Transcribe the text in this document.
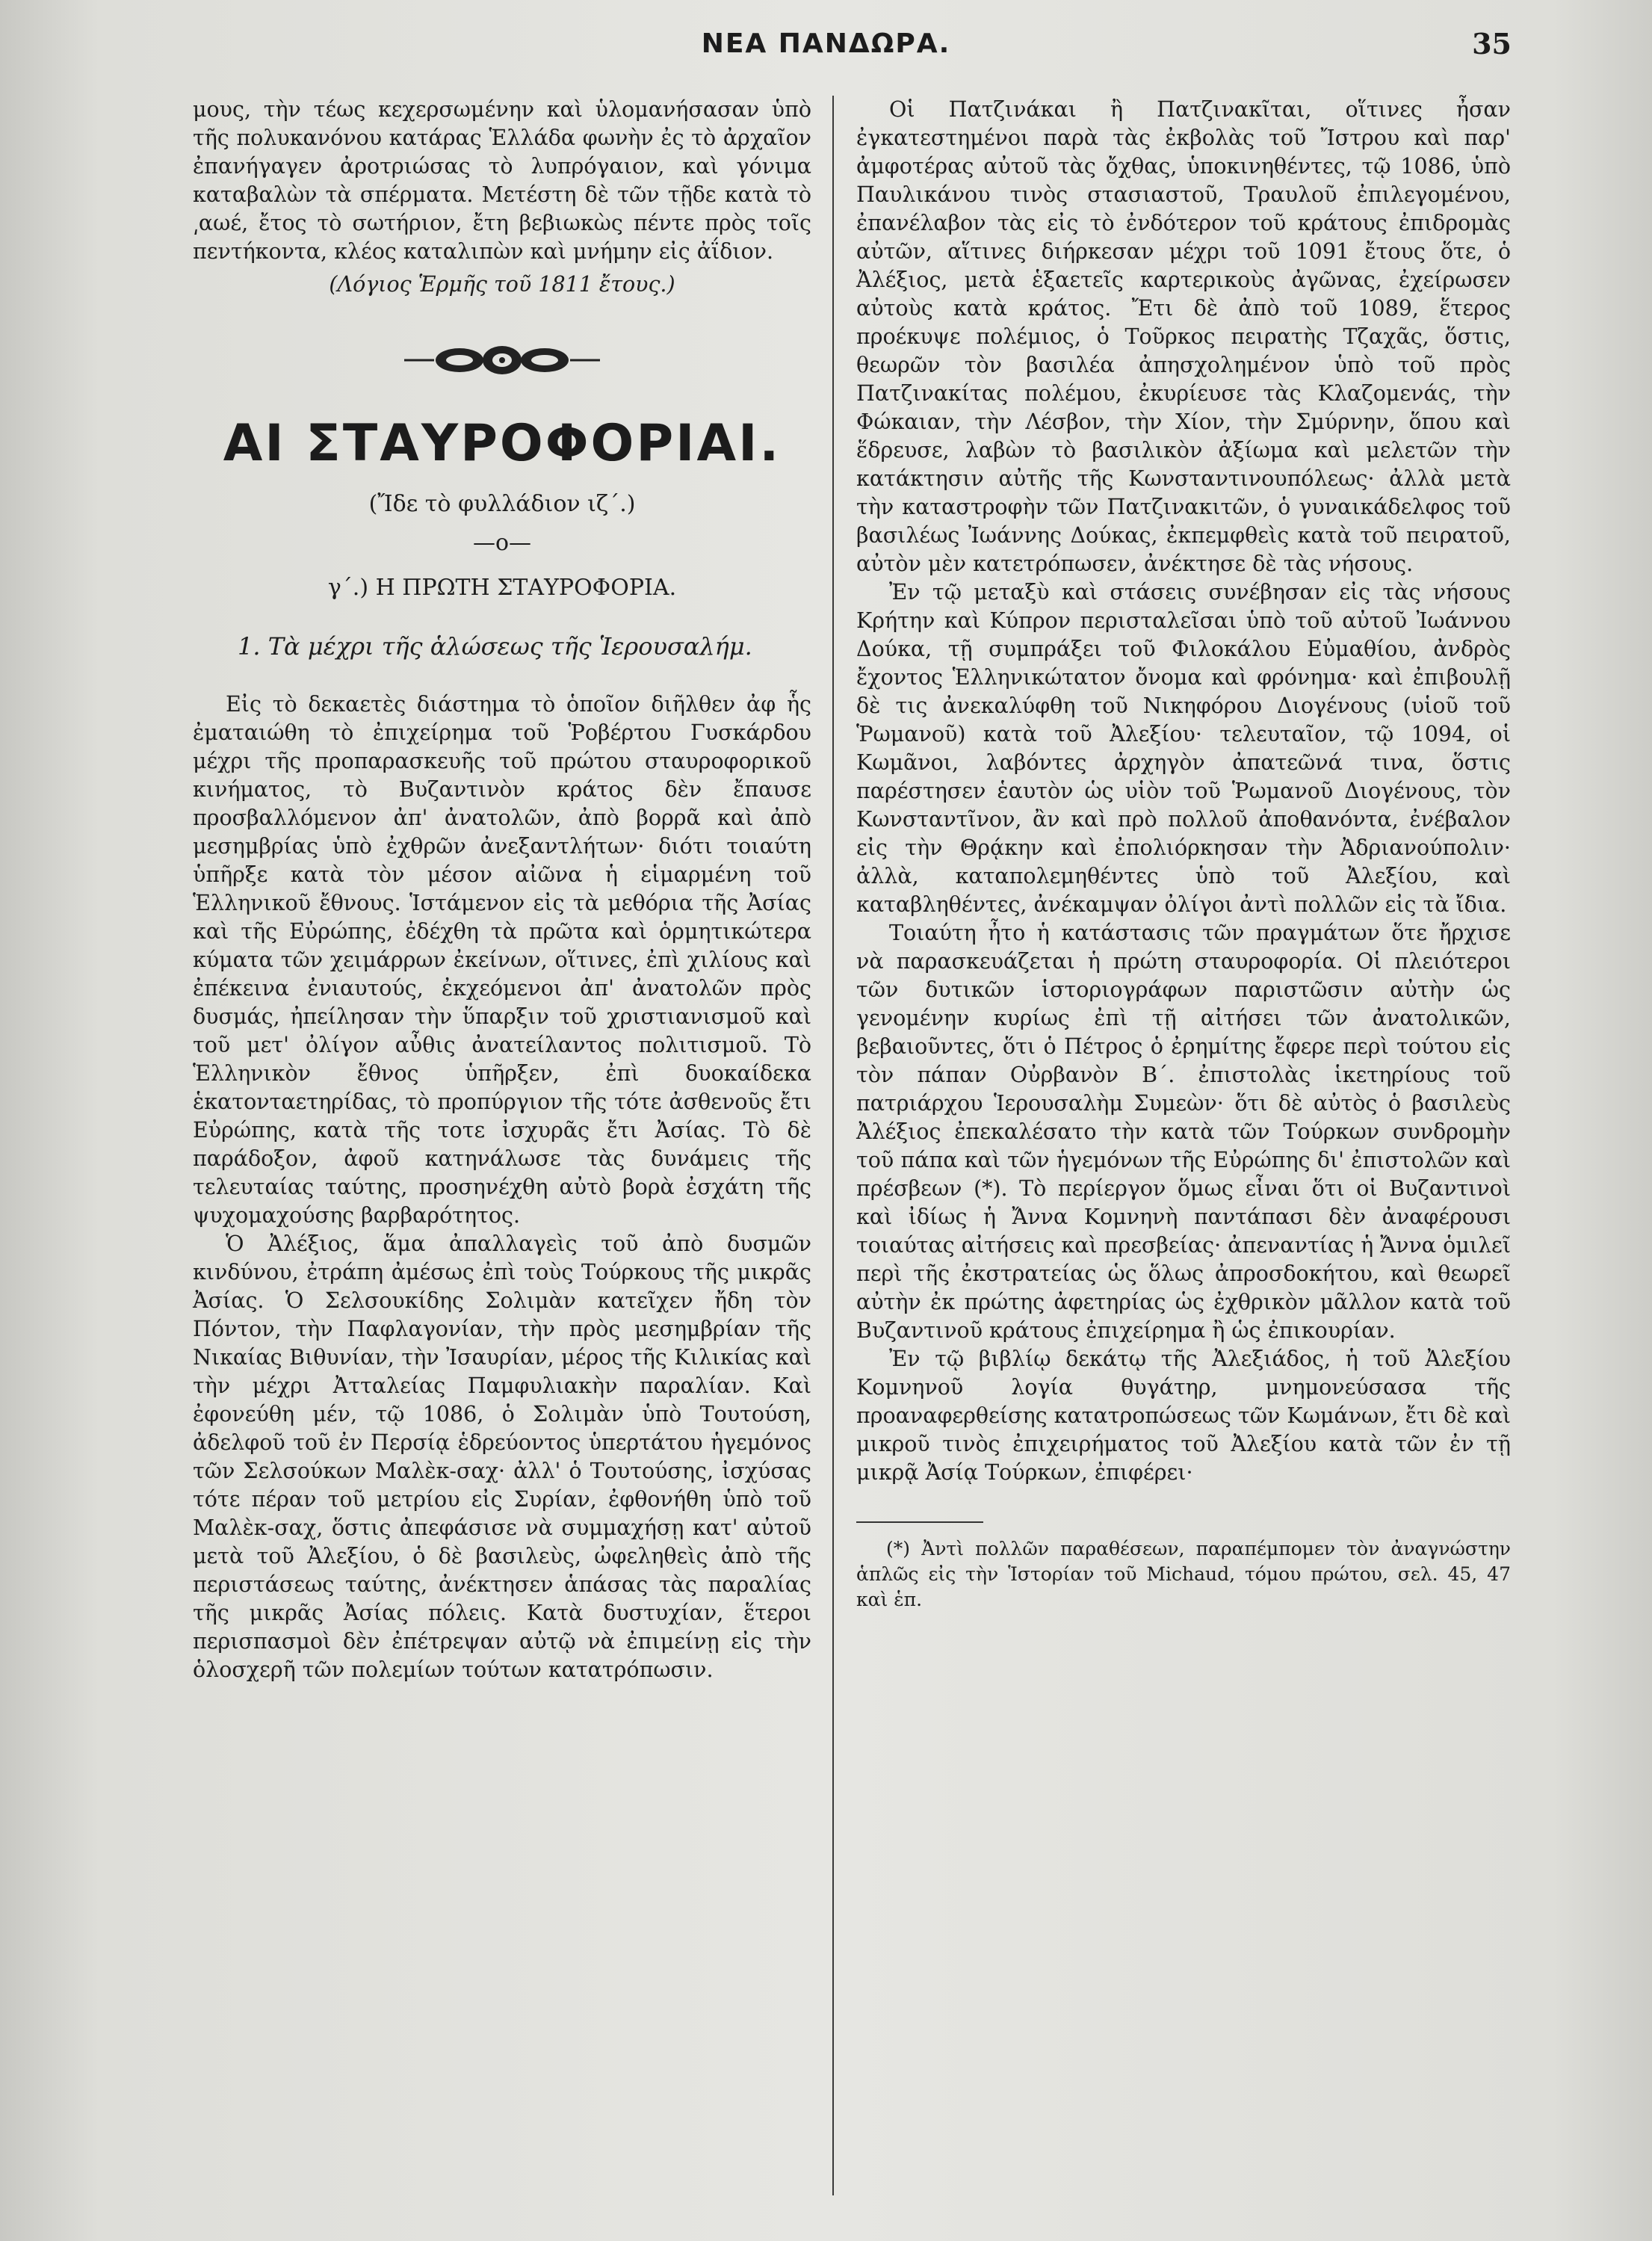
ΝΕΑ ΠΑΝΔΩΡΑ.	35

μους, τὴν τέως κεχερσωμένην καὶ ὑλομανήσασαν ὑπὸ τῆς πολυκανόνου κατάρας Ἑλλάδα φωνὴν ἐς τὸ ἀρχαῖον ἐπανήγαγεν ἀροτριώσας τὸ λυπρόγαιον, καὶ γόνιμα καταβαλὼν τὰ σπέρματα. Μετέστη δὲ τῶν τῇδε κατὰ τὸ ͵αωέ, ἔτος τὸ σωτήριον, ἔτη βεβιωκὼς πέντε πρὸς τοῖς πεντήκοντα, κλέος καταλιπὼν καὶ μνήμην εἰς ἀΐδιον.

(Λόγιος Ἑρμῆς τοῦ 1811 ἔτους.)

ΑΙ ΣΤΑΥΡΟΦΟΡΙΑΙ.

(Ἴδε τὸ φυλλάδιον ιζ΄.)

—ο—

γ΄.) Η ΠΡΩΤΗ ΣΤΑΥΡΟΦΟΡΙΑ.

1. Τὰ μέχρι τῆς ἁλώσεως τῆς Ἱερουσαλήμ.

Εἰς τὸ δεκαετὲς διάστημα τὸ ὁποῖον διῆλθεν ἀφ ἧς ἐματαιώθη τὸ ἐπιχείρημα τοῦ Ῥοβέρτου Γυσκάρδου μέχρι τῆς προπαρασκευῆς τοῦ πρώτου σταυροφορικοῦ κινήματος, τὸ Βυζαντινὸν κράτος δὲν ἔπαυσε προσβαλλόμενον ἀπ' ἀνατολῶν, ἀπὸ βορρᾶ καὶ ἀπὸ μεσημβρίας ὑπὸ ἐχθρῶν ἀνεξαντλήτων· διότι τοιαύτη ὑπῆρξε κατὰ τὸν μέσον αἰῶνα ἡ εἱμαρμένη τοῦ Ἑλληνικοῦ ἔθνους. Ἱστάμενον εἰς τὰ μεθόρια τῆς Ἀσίας καὶ τῆς Εὐρώπης, ἐδέχθη τὰ πρῶτα καὶ ὁρμητικώτερα κύματα τῶν χειμάρρων ἐκείνων, οἵτινες, ἐπὶ χιλίους καὶ ἐπέκεινα ἐνιαυτούς, ἐκχεόμενοι ἀπ' ἀνατολῶν πρὸς δυσμάς, ἠπείλησαν τὴν ὕπαρξιν τοῦ χριστιανισμοῦ καὶ τοῦ μετ' ὀλίγον αὖθις ἀνατείλαντος πολιτισμοῦ. Τὸ Ἑλληνικὸν ἔθνος ὑπῆρξεν, ἐπὶ δυοκαίδεκα ἑκατονταετηρίδας, τὸ προπύργιον τῆς τότε ἀσθενοῦς ἔτι Εὐρώπης, κατὰ τῆς τοτε ἰσχυρᾶς ἔτι Ἀσίας. Τὸ δὲ παράδοξον, ἀφοῦ κατηνάλωσε τὰς δυνάμεις τῆς τελευταίας ταύτης, προσηνέχθη αὐτὸ βορὰ ἐσχάτη τῆς ψυχομαχούσης βαρβαρότητος.

Ὁ Ἀλέξιος, ἅμα ἀπαλλαγεὶς τοῦ ἀπὸ δυσμῶν κινδύνου, ἐτράπη ἀμέσως ἐπὶ τοὺς Τούρκους τῆς μικρᾶς Ἀσίας. Ὁ Σελσουκίδης Σολιμὰν κατεῖχεν ἤδη τὸν Πόντον, τὴν Παφλαγονίαν, τὴν πρὸς μεσημβρίαν τῆς Νικαίας Βιθυνίαν, τὴν Ἰσαυρίαν, μέρος τῆς Κιλικίας καὶ τὴν μέχρι Ἀτταλείας Παμφυλιακὴν παραλίαν. Καὶ ἐφονεύθη μέν, τῷ 1086, ὁ Σολιμὰν ὑπὸ Τουτούση, ἀδελφοῦ τοῦ ἐν Περσίᾳ ἑδρεύοντος ὑπερτάτου ἡγεμόνος τῶν Σελσούκων Μαλὲκ-σαχ· ἀλλ' ὁ Τουτούσης, ἰσχύσας τότε πέραν τοῦ μετρίου εἰς Συρίαν, ἐφθονήθη ὑπὸ τοῦ Μαλὲκ-σαχ, ὅστις ἀπεφάσισε νὰ συμμαχήσῃ κατ' αὐτοῦ μετὰ τοῦ Ἀλεξίου, ὁ δὲ βασιλεὺς, ὠφεληθεὶς ἀπὸ τῆς περιστάσεως ταύτης, ἀνέκτησεν ἁπάσας τὰς παραλίας τῆς μικρᾶς Ἀσίας πόλεις. Κατὰ δυστυχίαν, ἕτεροι περισπασμοὶ δὲν ἐπέτρεψαν αὐτῷ νὰ ἐπιμείνῃ εἰς τὴν ὁλοσχερῆ τῶν πολεμίων τούτων κατατρόπωσιν.

Οἱ Πατζινάκαι ἢ Πατζινακῖται, οἵτινες ἦσαν ἐγκατεστημένοι παρὰ τὰς ἐκβολὰς τοῦ Ἴστρου καὶ παρ' ἀμφοτέρας αὐτοῦ τὰς ὄχθας, ὑποκινηθέντες, τῷ 1086, ὑπὸ Παυλικάνου τινὸς στασιαστοῦ, Τραυλοῦ ἐπιλεγομένου, ἐπανέλαβον τὰς εἰς τὸ ἐνδότερον τοῦ κράτους ἐπιδρομὰς αὐτῶν, αἵτινες διήρκεσαν μέχρι τοῦ 1091 ἔτους ὅτε, ὁ Ἀλέξιος, μετὰ ἑξαετεῖς καρτερικοὺς ἀγῶνας, ἐχείρωσεν αὐτοὺς κατὰ κράτος. Ἔτι δὲ ἀπὸ τοῦ 1089, ἕτερος προέκυψε πολέμιος, ὁ Τοῦρκος πειρατὴς Τζαχᾶς, ὅστις, θεωρῶν τὸν βασιλέα ἀπησχολημένον ὑπὸ τοῦ πρὸς Πατζινακίτας πολέμου, ἐκυρίευσε τὰς Κλαζομενάς, τὴν Φώκαιαν, τὴν Λέσβον, τὴν Χίον, τὴν Σμύρνην, ὅπου καὶ ἕδρευσε, λαβὼν τὸ βασιλικὸν ἀξίωμα καὶ μελετῶν τὴν κατάκτησιν αὐτῆς τῆς Κωνσταντινουπόλεως· ἀλλὰ μετὰ τὴν καταστροφὴν τῶν Πατζινακιτῶν, ὁ γυναικάδελφος τοῦ βασιλέως Ἰωάννης Δούκας, ἐκπεμφθεὶς κατὰ τοῦ πειρατοῦ, αὐτὸν μὲν κατετρόπωσεν, ἀνέκτησε δὲ τὰς νήσους.

Ἐν τῷ μεταξὺ καὶ στάσεις συνέβησαν εἰς τὰς νήσους Κρήτην καὶ Κύπρον περισταλεῖσαι ὑπὸ τοῦ αὐτοῦ Ἰωάννου Δούκα, τῇ συμπράξει τοῦ Φιλοκάλου Εὐμαθίου, ἀνδρὸς ἔχοντος Ἑλληνικώτατον ὄνομα καὶ φρόνημα· καὶ ἐπιβουλῇ δὲ τις ἀνεκαλύφθη τοῦ Νικηφόρου Διογένους (υἱοῦ τοῦ Ῥωμανοῦ) κατὰ τοῦ Ἀλεξίου· τελευταῖον, τῷ 1094, οἱ Κωμᾶνοι, λαβόντες ἀρχηγὸν ἀπατεῶνά τινα, ὅστις παρέστησεν ἑαυτὸν ὡς υἱὸν τοῦ Ῥωμανοῦ Διογένους, τὸν Κωνσταντῖνον, ἂν καὶ πρὸ πολλοῦ ἀποθανόντα, ἐνέβαλον εἰς τὴν Θρᾴκην καὶ ἐπολιόρκησαν τὴν Ἀδριανούπολιν· ἀλλὰ, καταπολεμηθέντες ὑπὸ τοῦ Ἀλεξίου, καὶ καταβληθέντες, ἀνέκαμψαν ὀλίγοι ἀντὶ πολλῶν εἰς τὰ ἴδια.

Τοιαύτη ἦτο ἡ κατάστασις τῶν πραγμάτων ὅτε ἤρχισε νὰ παρασκευάζεται ἡ πρώτη σταυροφορία. Οἱ πλειότεροι τῶν δυτικῶν ἱστοριογράφων παριστῶσιν αὐτὴν ὡς γενομένην κυρίως ἐπὶ τῇ αἰτήσει τῶν ἀνατολικῶν, βεβαιοῦντες, ὅτι ὁ Πέτρος ὁ ἐρημίτης ἔφερε περὶ τούτου εἰς τὸν πάπαν Οὐρβανὸν Β΄. ἐπιστολὰς ἱκετηρίους τοῦ πατριάρχου Ἱερουσαλὴμ Συμεὼν· ὅτι δὲ αὐτὸς ὁ βασιλεὺς Ἀλέξιος ἐπεκαλέσατο τὴν κατὰ τῶν Τούρκων συνδρομὴν τοῦ πάπα καὶ τῶν ἡγεμόνων τῆς Εὐρώπης δι' ἐπιστολῶν καὶ πρέσβεων (*). Τὸ περίεργον ὅμως εἶναι ὅτι οἱ Βυζαντινοὶ καὶ ἰδίως ἡ Ἄννα Κομνηνὴ παντάπασι δὲν ἀναφέρουσι τοιαύτας αἰτήσεις καὶ πρεσβείας· ἀπεναντίας ἡ Ἄννα ὁμιλεῖ περὶ τῆς ἐκστρατείας ὡς ὅλως ἀπροσδοκήτου, καὶ θεωρεῖ αὐτὴν ἐκ πρώτης ἀφετηρίας ὡς ἐχθρικὸν μᾶλλον κατὰ τοῦ Βυζαντινοῦ κράτους ἐπιχείρημα ἢ ὡς ἐπικουρίαν.

Ἐν τῷ βιβλίῳ δεκάτῳ τῆς Ἀλεξιάδος, ἡ τοῦ Ἀλεξίου Κομνηνοῦ λογία θυγάτηρ, μνημονεύσασα τῆς προαναφερθείσης κατατροπώσεως τῶν Κωμάνων, ἔτι δὲ καὶ μικροῦ τινὸς ἐπιχειρήματος τοῦ Ἀλεξίου κατὰ τῶν ἐν τῇ μικρᾷ Ἀσίᾳ Τούρκων, ἐπιφέρει·

(*) Ἀντὶ πολλῶν παραθέσεων, παραπέμπομεν τὸν ἀναγνώστην ἁπλῶς εἰς τὴν Ἱστορίαν τοῦ Michaud, τόμου πρώτου, σελ. 45, 47 καὶ ἑπ.
